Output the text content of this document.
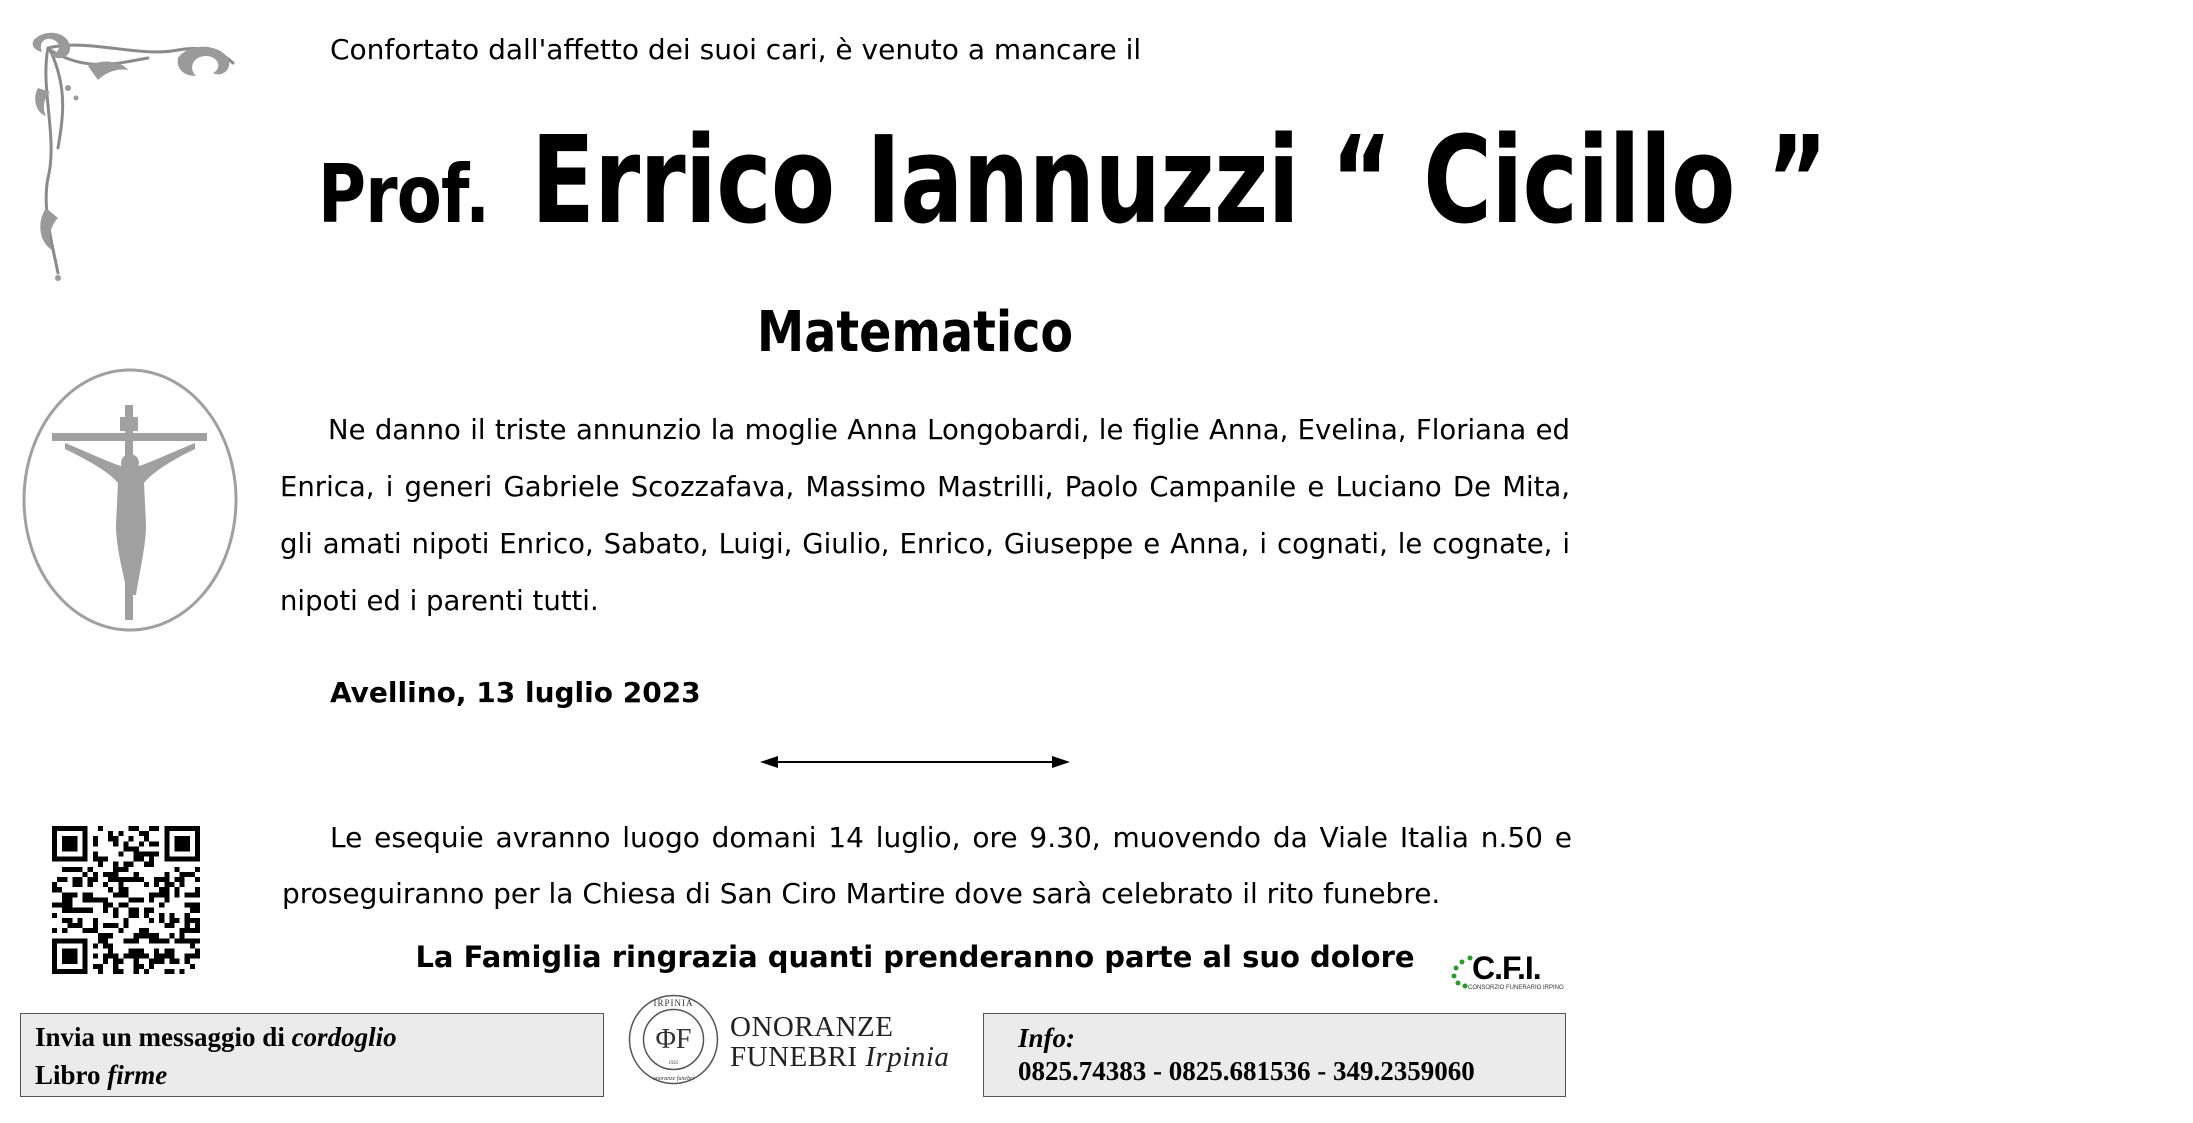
Confortato dall'affetto dei suoi cari, è venuto a mancare il
Prof. Errico Iannuzzi “ Cicillo ”
Matematico
Ne danno il triste annunzio la moglie Anna Longobardi, le figlie Anna, Evelina, Floriana ed Enrica, i generi Gabriele Scozzafava, Massimo Mastrilli, Paolo Campanile e Luciano De Mita, gli amati nipoti Enrico, Sabato, Luigi, Giulio, Enrico, Giuseppe e Anna, i cognati, le cognate, i nipoti ed i parenti tutti.
Avellino, 13 luglio 2023
Le esequie avranno luogo domani 14 luglio, ore 9.30, muovendo da Viale Italia n.50 e proseguiranno per la Chiesa di San Ciro Martire dove sarà celebrato il rito funebre.
La Famiglia ringrazia quanti prenderanno parte al suo dolore	C.F.I.
CONSORZIO FUNERARIO IRPINO
Invia un messaggio di cordoglio
Libro firme
IRPINIA
ΦF
1925
onoranze funebri
ONORANZE
FUNEBRI Irpinia
Info:
0825.74383 - 0825.681536 - 349.2359060
